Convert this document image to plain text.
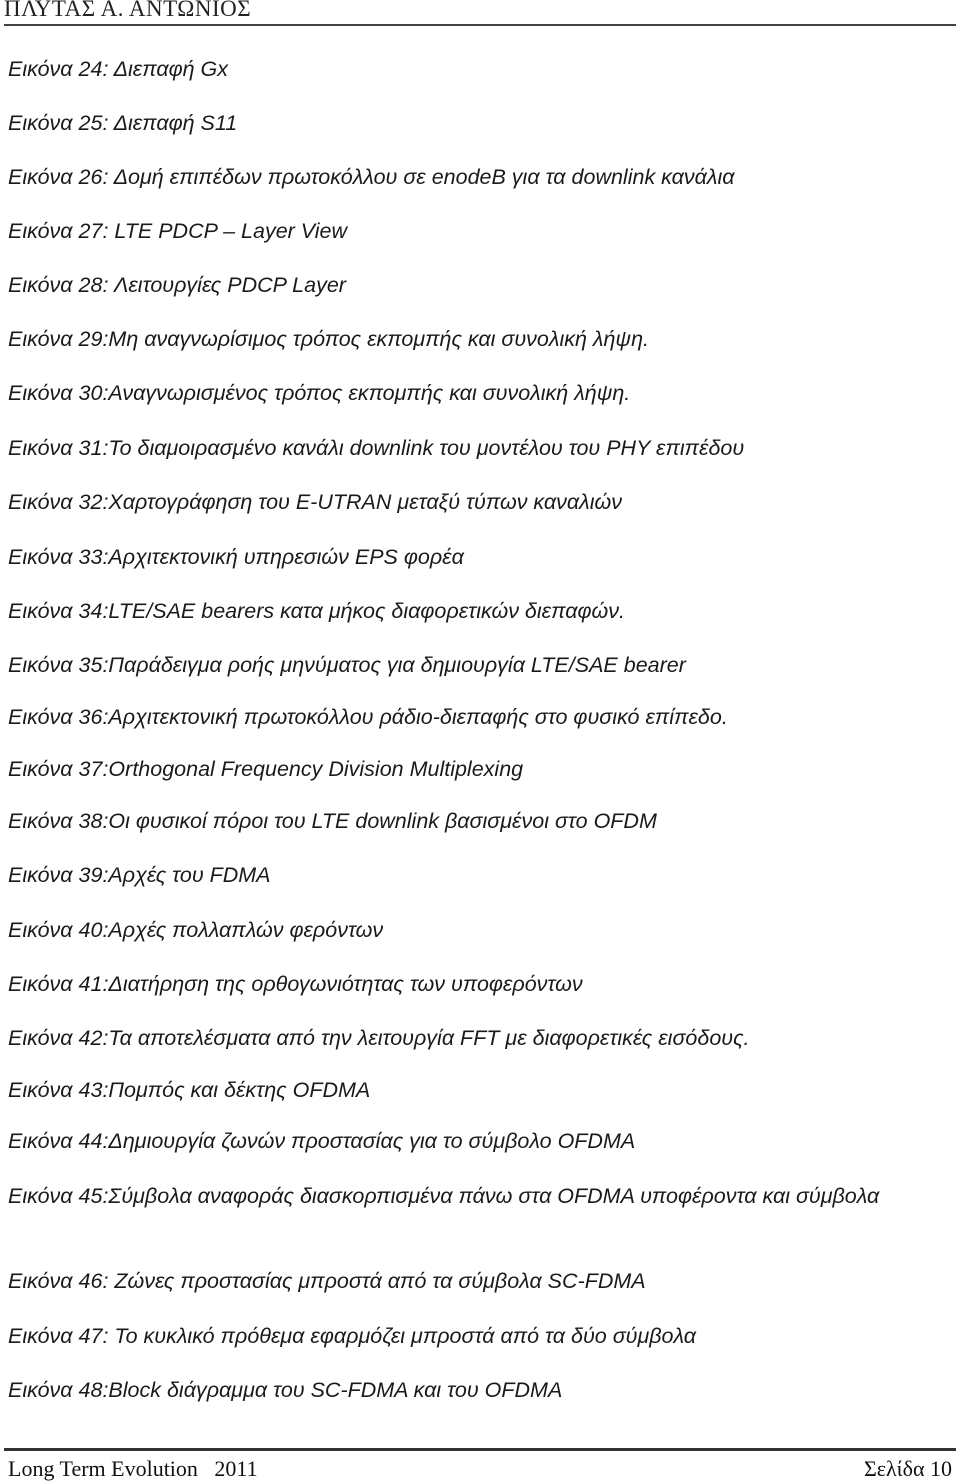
ΠΛΥΤΑΣ Α. ΑΝΤΩΝΙΟΣ
Εικόνα 24: Διεπαφή Gx
Εικόνα 25: Διεπαφή S11
Εικόνα 26: Δομή επιπέδων πρωτοκόλλου σε enodeB για τα downlink κανάλια
Εικόνα 27: LTE PDCP – Layer View
Εικόνα 28: Λειτουργίες PDCP Layer
Εικόνα 29:Μη αναγνωρίσιμος τρόπος εκπομπής και συνολική λήψη.
Εικόνα 30:Αναγνωρισμένος τρόπος εκπομπής και συνολική λήψη.
Εικόνα 31:Το διαμοιρασμένο κανάλι downlink του μοντέλου του PHY επιπέδου
Εικόνα 32:Χαρτογράφηση του E-UTRAN μεταξύ τύπων καναλιών
Εικόνα 33:Αρχιτεκτονική υπηρεσιών EPS φορέα
Εικόνα 34:LTE/SAE bearers κατα μήκος διαφορετικών διεπαφών.
Εικόνα 35:Παράδειγμα ροής μηνύματος για δημιουργία LTE/SAE bearer
Εικόνα 36:Αρχιτεκτονική πρωτοκόλλου ράδιο-διεπαφής στο φυσικό επίπεδο.
Εικόνα 37:Orthogonal Frequency Division Multiplexing
Εικόνα 38:Οι φυσικοί πόροι του LTE downlink βασισμένοι στο OFDM
Εικόνα 39:Αρχές του FDMA
Εικόνα 40:Αρχές πολλαπλών φερόντων
Εικόνα 41:Διατήρηση της ορθογωνιότητας των υποφερόντων
Εικόνα 42:Τα αποτελέσματα από την λειτουργία FFT με διαφορετικές εισόδους.
Εικόνα 43:Πομπός και δέκτης OFDMA
Εικόνα 44:Δημιουργία ζωνών προστασίας για το σύμβολο OFDMA
Εικόνα 45:Σύμβολα αναφοράς διασκορπισμένα πάνω στα OFDMA υποφέροντα και σύμβολα
Εικόνα 46: Ζώνες προστασίας μπροστά από τα σύμβολα SC-FDMA
Εικόνα 47: Το κυκλικό πρόθεμα εφαρμόζει μπροστά από τα δύο σύμβολα
Εικόνα 48:Block διάγραμμα του SC-FDMA και του OFDMA
Long Term Evolution   2011	Σελίδα 10
